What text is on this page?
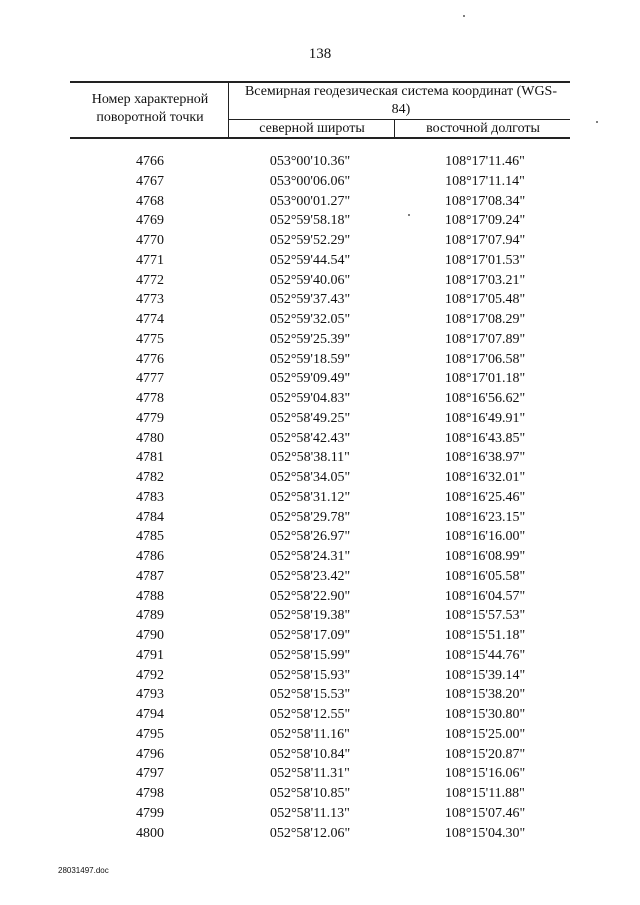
138
Номер характерной поворотной точки
Всемирная геодезическая система координат (WGS-84)
северной широты	восточной долготы
4766	053°00'10.36"	108°17'11.46"
4767	053°00'06.06"	108°17'11.14"
4768	053°00'01.27"	108°17'08.34"
4769	052°59'58.18"	108°17'09.24"
4770	052°59'52.29"	108°17'07.94"
4771	052°59'44.54"	108°17'01.53"
4772	052°59'40.06"	108°17'03.21"
4773	052°59'37.43"	108°17'05.48"
4774	052°59'32.05"	108°17'08.29"
4775	052°59'25.39"	108°17'07.89"
4776	052°59'18.59"	108°17'06.58"
4777	052°59'09.49"	108°17'01.18"
4778	052°59'04.83"	108°16'56.62"
4779	052°58'49.25"	108°16'49.91"
4780	052°58'42.43"	108°16'43.85"
4781	052°58'38.11"	108°16'38.97"
4782	052°58'34.05"	108°16'32.01"
4783	052°58'31.12"	108°16'25.46"
4784	052°58'29.78"	108°16'23.15"
4785	052°58'26.97"	108°16'16.00"
4786	052°58'24.31"	108°16'08.99"
4787	052°58'23.42"	108°16'05.58"
4788	052°58'22.90"	108°16'04.57"
4789	052°58'19.38"	108°15'57.53"
4790	052°58'17.09"	108°15'51.18"
4791	052°58'15.99"	108°15'44.76"
4792	052°58'15.93"	108°15'39.14"
4793	052°58'15.53"	108°15'38.20"
4794	052°58'12.55"	108°15'30.80"
4795	052°58'11.16"	108°15'25.00"
4796	052°58'10.84"	108°15'20.87"
4797	052°58'11.31"	108°15'16.06"
4798	052°58'10.85"	108°15'11.88"
4799	052°58'11.13"	108°15'07.46"
4800	052°58'12.06"	108°15'04.30"
28031497.doc
